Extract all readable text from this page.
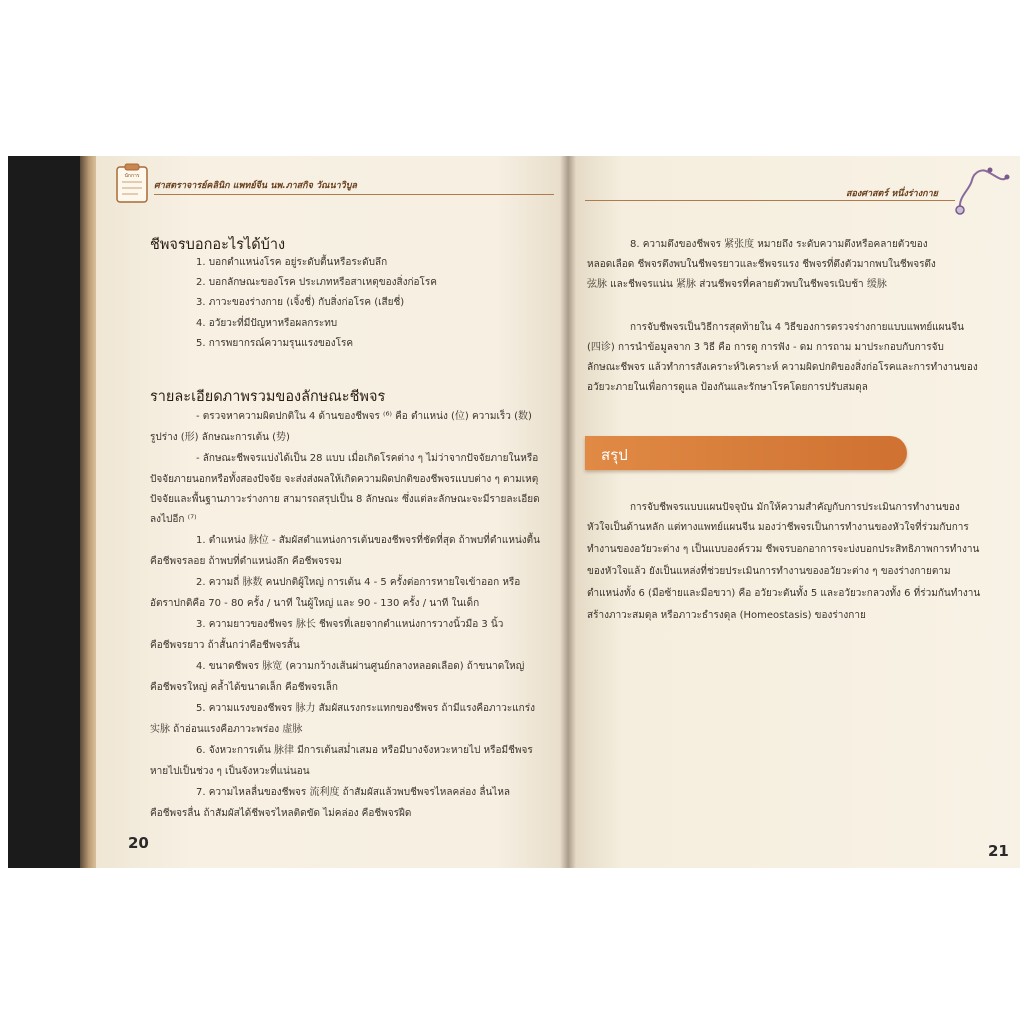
นักการ
ศาสตราจารย์คลินิก แพทย์จีน นพ.ภาสกิจ วัณนาวิบูล
ชีพจรบอกอะไรได้บ้าง
1. บอกตำแหน่งโรค อยู่ระดับตื้นหรือระดับลึก
2. บอกลักษณะของโรค ประเภทหรือสาเหตุของสิ่งก่อโรค
3. ภาวะของร่างกาย (เจิ้งชี่) กับสิ่งก่อโรค (เสียชี่)
4. อวัยวะที่มีปัญหาหรือผลกระทบ
5. การพยากรณ์ความรุนแรงของโรค
รายละเอียดภาพรวมของลักษณะชีพจร
- ตรวจหาความผิดปกติใน 4 ด้านของชีพจร ⁽⁶⁾ คือ ตำแหน่ง (位) ความเร็ว (数)
รูปร่าง (形) ลักษณะการเต้น (势)
- ลักษณะชีพจรแบ่งได้เป็น 28 แบบ เมื่อเกิดโรคต่าง ๆ ไม่ว่าจากปัจจัยภายในหรือ
ปัจจัยภายนอกหรือทั้งสองปัจจัย จะส่งส่งผลให้เกิดความผิดปกติของชีพจรแบบต่าง ๆ ตามเหตุ
ปัจจัยและพื้นฐานภาวะร่างกาย สามารถสรุปเป็น 8 ลักษณะ ซึ่งแต่ละลักษณะจะมีรายละเอียด
ลงไปอีก ⁽⁷⁾
1. ตำแหน่ง 脉位 - สัมผัสตำแหน่งการเต้นของชีพจรที่ชัดที่สุด ถ้าพบที่ตำแหน่งตื้น
คือชีพจรลอย ถ้าพบที่ตำแหน่งลึก คือชีพจรจม
2. ความถี่ 脉数 คนปกติผู้ใหญ่ การเต้น 4 - 5 ครั้งต่อการหายใจเข้าออก หรือ
อัตราปกติคือ 70 - 80 ครั้ง / นาที ในผู้ใหญ่ และ 90 - 130 ครั้ง / นาที ในเด็ก
3. ความยาวของชีพจร 脉长 ชีพจรที่เลยจากตำแหน่งการวางนิ้วมือ 3 นิ้ว
คือชีพจรยาว ถ้าสั้นกว่าคือชีพจรสั้น
4. ขนาดชีพจร 脉宽 (ความกว้างเส้นผ่านศูนย์กลางหลอดเลือด) ถ้าขนาดใหญ่
คือชีพจรใหญ่ คล้ำได้ขนาดเล็ก คือชีพจรเล็ก
5. ความแรงของชีพจร 脉力 สัมผัสแรงกระแทกของชีพจร ถ้ามีแรงคือภาวะแกร่ง
实脉 ถ้าอ่อนแรงคือภาวะพร่อง 虚脉
6. จังหวะการเต้น 脉律 มีการเต้นสม่ำเสมอ หรือมีบางจังหวะหายไป หรือมีชีพจร
หายไปเป็นช่วง ๆ เป็นจังหวะที่แน่นอน
7. ความไหลลื่นของชีพจร 流利度 ถ้าสัมผัสแล้วพบชีพจรไหลคล่อง ลื่นไหล
คือชีพจรลื่น ถ้าสัมผัสได้ชีพจรไหลติดขัด ไม่คล่อง คือชีพจรฝืด
20
สองศาสตร์ หนึ่งร่างกาย
8. ความตึงของชีพจร 紧张度 หมายถึง ระดับความตึงหรือคลายตัวของ
หลอดเลือด ชีพจรตึงพบในชีพจรยาวและชีพจรแรง ชีพจรที่ตึงตัวมากพบในชีพจรตึง
弦脉 และชีพจรแน่น 紧脉 ส่วนชีพจรที่คลายตัวพบในชีพจรเนิบช้า 缓脉
การจับชีพจรเป็นวิธีการสุดท้ายใน 4 วิธีของการตรวจร่างกายแบบแพทย์แผนจีน
(四诊) การนำข้อมูลจาก 3 วิธี คือ การดู การฟัง - ดม การถาม มาประกอบกับการจับ
ลักษณะชีพจร แล้วทำการสังเคราะห์วิเคราะห์ ความผิดปกติของสิ่งก่อโรคและการทำงานของ
อวัยวะภายในเพื่อการดูแล ป้องกันและรักษาโรคโดยการปรับสมดุล
สรุป
การจับชีพจรแบบแผนปัจจุบัน มักให้ความสำคัญกับการประเมินการทำงานของ
หัวใจเป็นด้านหลัก แต่ทางแพทย์แผนจีน มองว่าชีพจรเป็นการทำงานของหัวใจที่ร่วมกับการ
ทำงานของอวัยวะต่าง ๆ เป็นแบบองค์รวม ชีพจรบอกอาการจะบ่งบอกประสิทธิภาพการทำงาน
ของหัวใจแล้ว ยังเป็นแหล่งที่ช่วยประเมินการทำงานของอวัยวะต่าง ๆ ของร่างกายตาม
ตำแหน่งทั้ง 6 (มือซ้ายและมือขวา) คือ อวัยวะตันทั้ง 5 และอวัยวะกลวงทั้ง 6 ที่ร่วมกันทำงาน
สร้างภาวะสมดุล หรือภาวะธำรงดุล (Homeostasis) ของร่างกาย
21
